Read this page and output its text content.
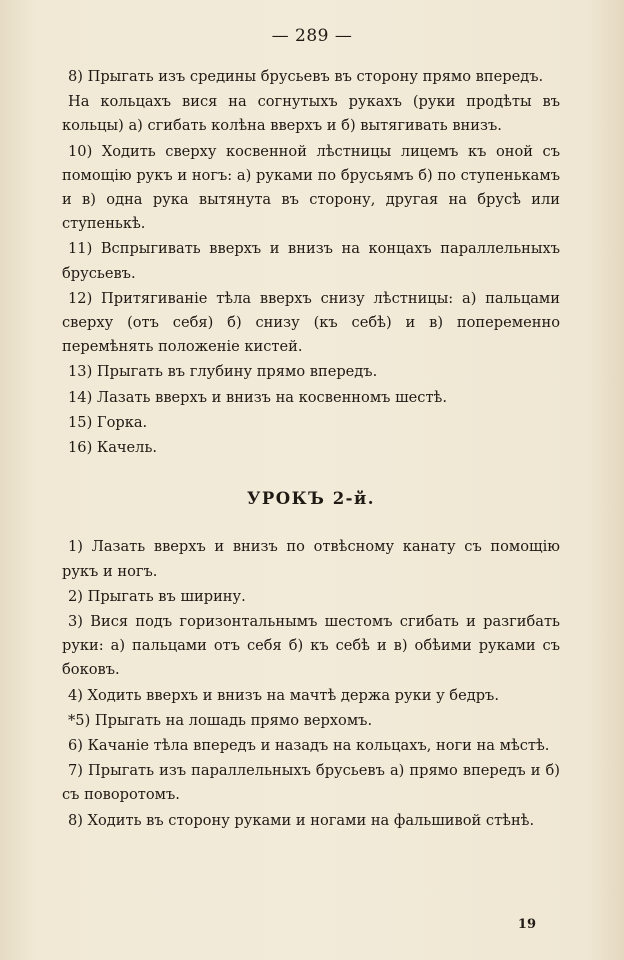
— 289 —

8) Прыгать изъ средины брусьевъ въ сторону прямо впередъ.

На кольцахъ вися на согнутыхъ рукахъ (руки продѣты въ кольцы) а) сгибать колѣна вверхъ и б) вытягивать внизъ.

10) Ходить сверху косвенной лѣстницы лицемъ къ оной съ помощію рукъ и ногъ: а) руками по брусьямъ б) по ступенькамъ и в) одна рука вытянута въ сторону, другая на брусѣ или ступенькѣ.

11) Вспрыгивать вверхъ и внизъ на концахъ параллельныхъ брусьевъ.

12) Притягиваніе тѣла вверхъ снизу лѣстницы: а) пальцами сверху (отъ себя) б) снизу (къ себѣ) и в) попеременно перемѣнять положеніе кистей.

13) Прыгать въ глубину прямо впередъ.

14) Лазать вверхъ и внизъ на косвенномъ шестѣ.

15) Горка.

16) Качель.

УРОКЪ 2-й.

1) Лазать вверхъ и внизъ по отвѣсному канату съ помощію рукъ и ногъ.

2) Прыгать въ ширину.

3) Вися подъ горизонтальнымъ шестомъ сгибать и разгибать руки: а) пальцами отъ себя б) къ себѣ и в) обѣими руками съ боковъ.

4) Ходить вверхъ и внизъ на мачтѣ держа руки у бедръ.

*5) Прыгать на лошадь прямо верхомъ.

6) Качаніе тѣла впередъ и назадъ на кольцахъ, ноги на мѣстѣ.

7) Прыгать изъ параллельныхъ брусьевъ а) прямо впередъ и б) съ поворотомъ.

8) Ходить въ сторону руками и ногами на фальшивой стѣнѣ.

19
